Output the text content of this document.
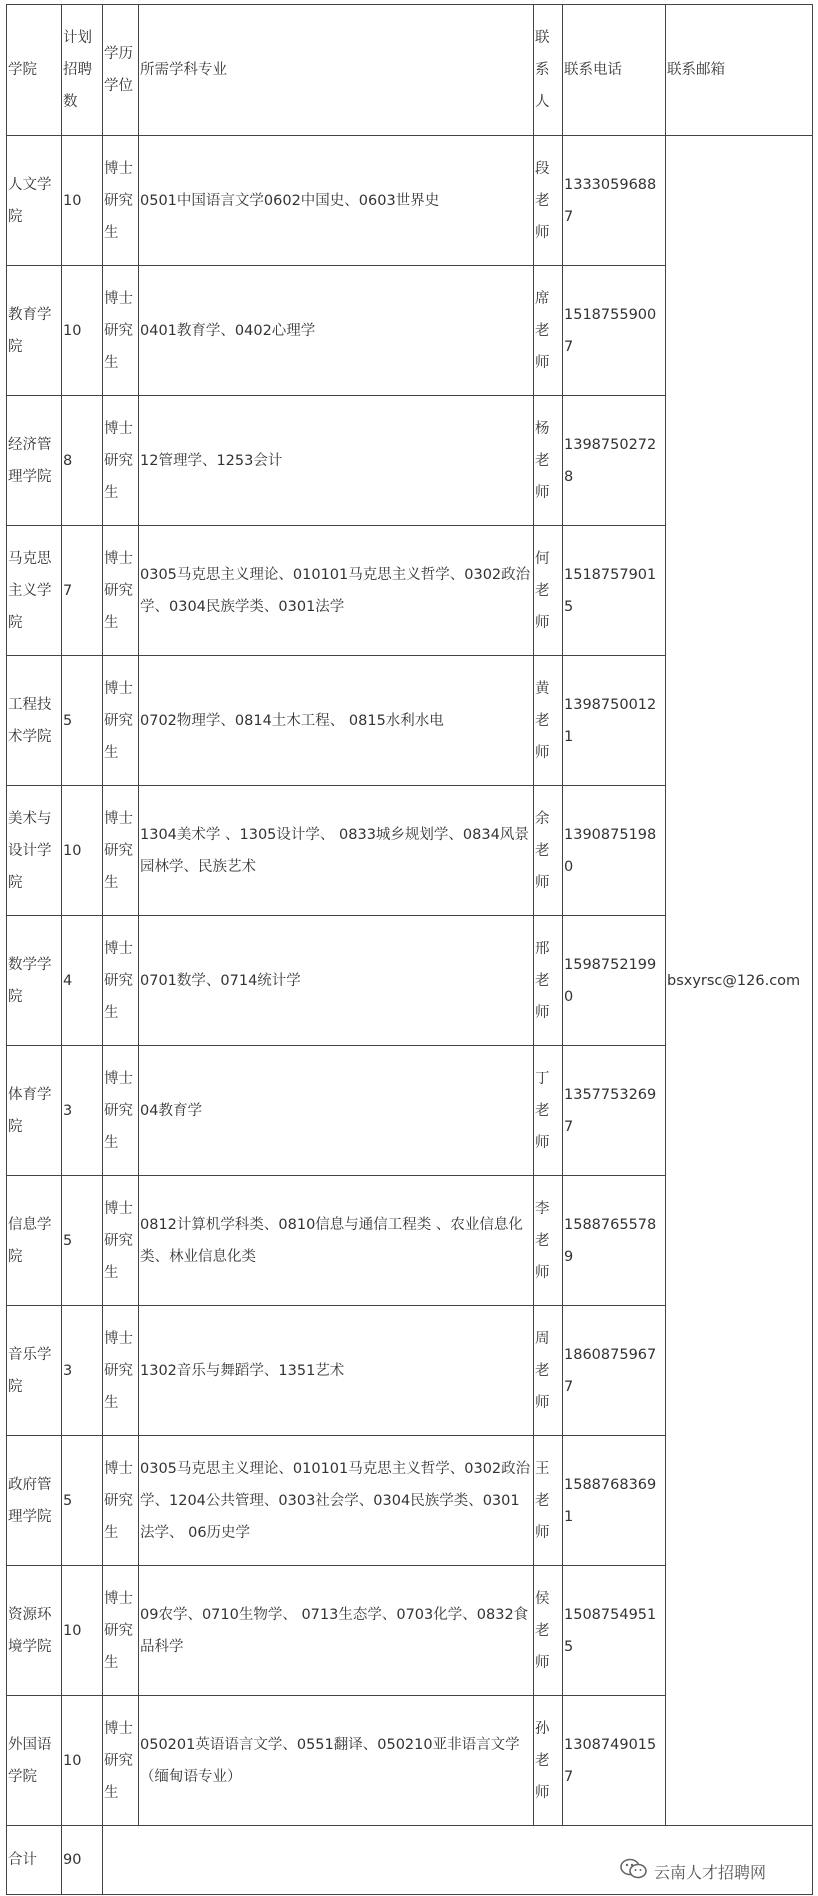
学院	计划招聘数	学历学位	所需学科专业	联系人	联系电话	联系邮箱
人文学院	10	博士研究生	0501中国语言文学0602中国史、0603世界史	段老师	13330596887	bsxyrsc@126.com
教育学院	10	博士研究生	0401教育学、0402心理学	席老师	15187559007	
经济管理学院	8	博士研究生	12管理学、1253会计	杨老师	13987502728	
马克思主义学院	7	博士研究生	0305马克思主义理论、010101马克思主义哲学、0302政治学、0304民族学类、0301法学	何老师	15187579015	
工程技术学院	5	博士研究生	0702物理学、0814土木工程、 0815水利水电	黄老师	13987500121	
美术与设计学院	10	博士研究生	1304美术学 、1305设计学、 0833城乡规划学、0834风景园林学、民族艺术	余老师	13908751980	
数学学院	4	博士研究生	0701数学、0714统计学	邢老师	15987521990	
体育学院	3	博士研究生	04教育学	丁老师	13577532697	
信息学院	5	博士研究生	0812计算机学科类、0810信息与通信工程类 、农业信息化类、林业信息化类	李老师	15887655789	
音乐学院	3	博士研究生	1302音乐与舞蹈学、1351艺术	周老师	18608759677	
政府管理学院	5	博士研究生	0305马克思主义理论、010101马克思主义哲学、0302政治学、1204公共管理、0303社会学、0304民族学类、0301法学、 06历史学	王老师	15887683691	
资源环境学院	10	博士研究生	09农学、0710生物学、 0713生态学、0703化学、0832食品科学	侯老师	15087549515	
外国语学院	10	博士研究生	050201英语语言文学、0551翻译、050210亚非语言文学（缅甸语专业）	孙老师	13087490157	
合计	90					
云南人才招聘网
